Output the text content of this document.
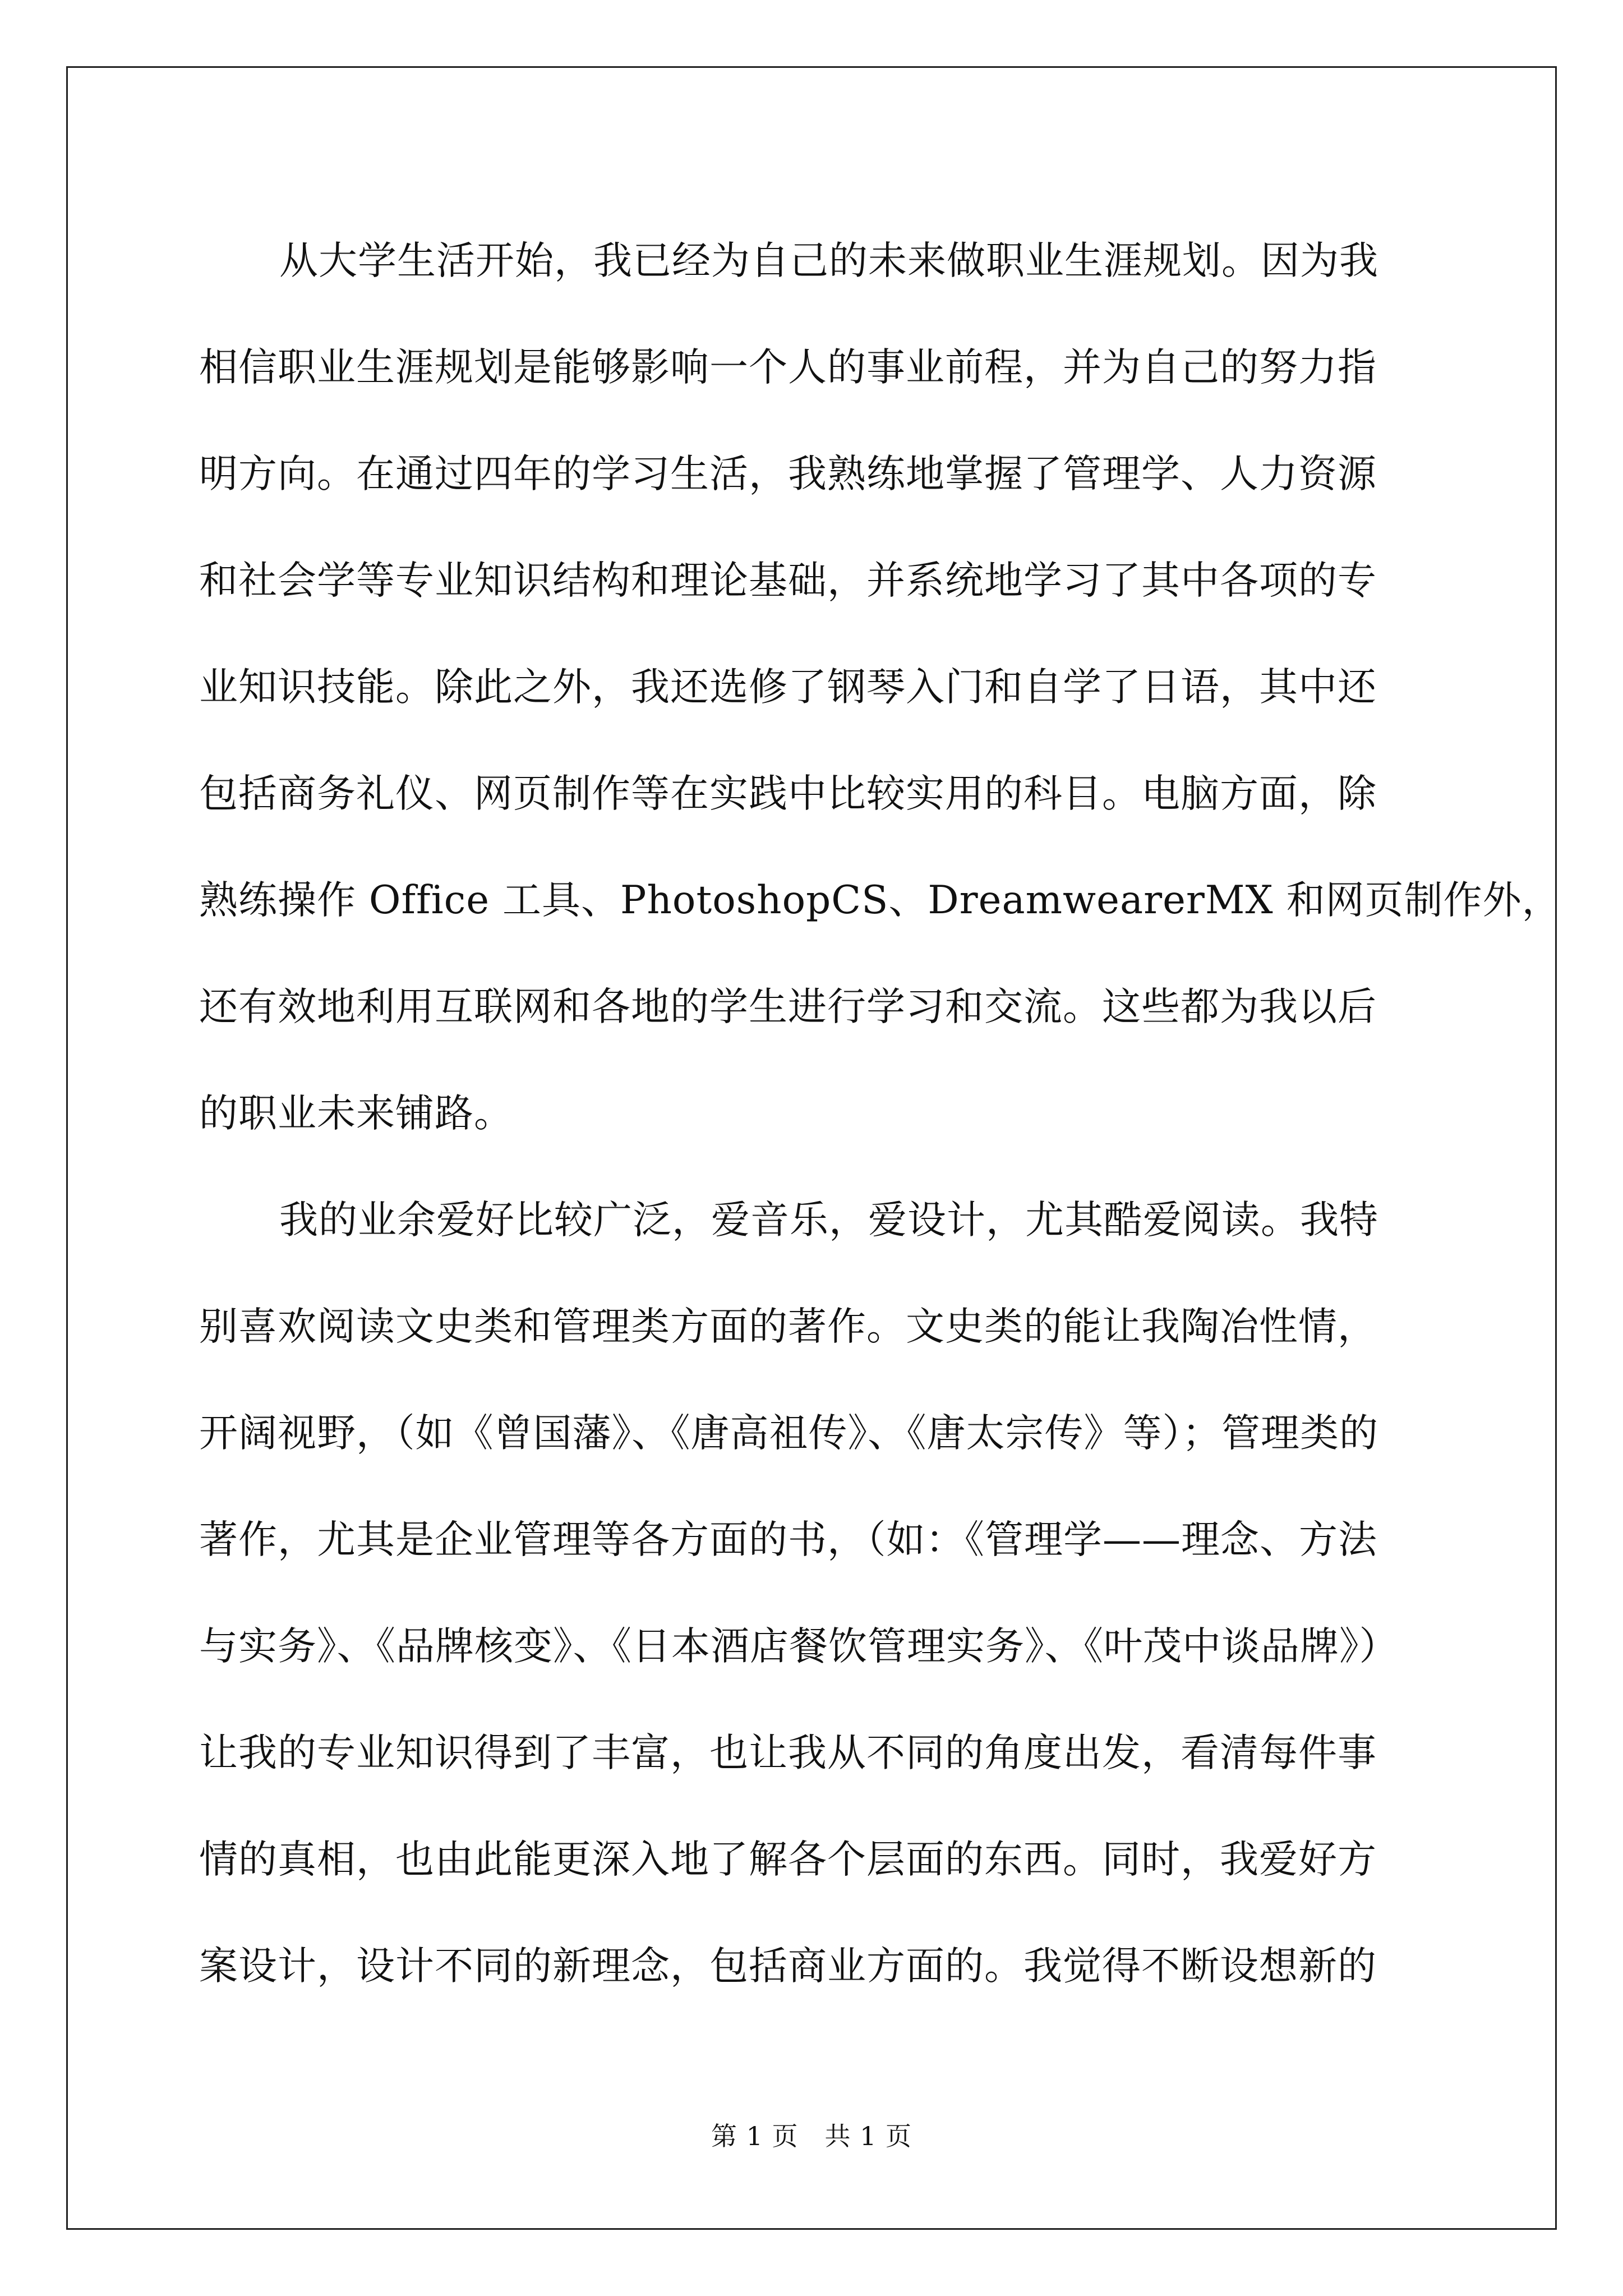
从大学生活开始，我已经为自己的未来做职业生涯规划。因为我
相信职业生涯规划是能够影响一个人的事业前程，并为自己的努力指
明方向。在通过四年的学习生活，我熟练地掌握了管理学、人力资源
和社会学等专业知识结构和理论基础，并系统地学习了其中各项的专
业知识技能。除此之外，我还选修了钢琴入门和自学了日语，其中还
包括商务礼仪、网页制作等在实践中比较实用的科目。电脑方面，除
熟练操作 Office 工具、PhotoshopCS、DreamwearerMX 和网页制作外，
还有效地利用互联网和各地的学生进行学习和交流。这些都为我以后
的职业未来铺路。
我的业余爱好比较广泛，爱音乐，爱设计，尤其酷爱阅读。我特
别喜欢阅读文史类和管理类方面的著作。文史类的能让我陶冶性情，
开阔视野，（如《曾国藩》、《唐高祖传》、《唐太宗传》等）；管理类的
著作，尤其是企业管理等各方面的书，（如：《管理学——理念、方法
与实务》、《品牌核变》、《日本酒店餐饮管理实务》、《叶茂中谈品牌》）
让我的专业知识得到了丰富，也让我从不同的角度出发，看清每件事
情的真相，也由此能更深入地了解各个层面的东西。同时，我爱好方
案设计，设计不同的新理念，包括商业方面的。我觉得不断设想新的
第 1 页　共 1 页
